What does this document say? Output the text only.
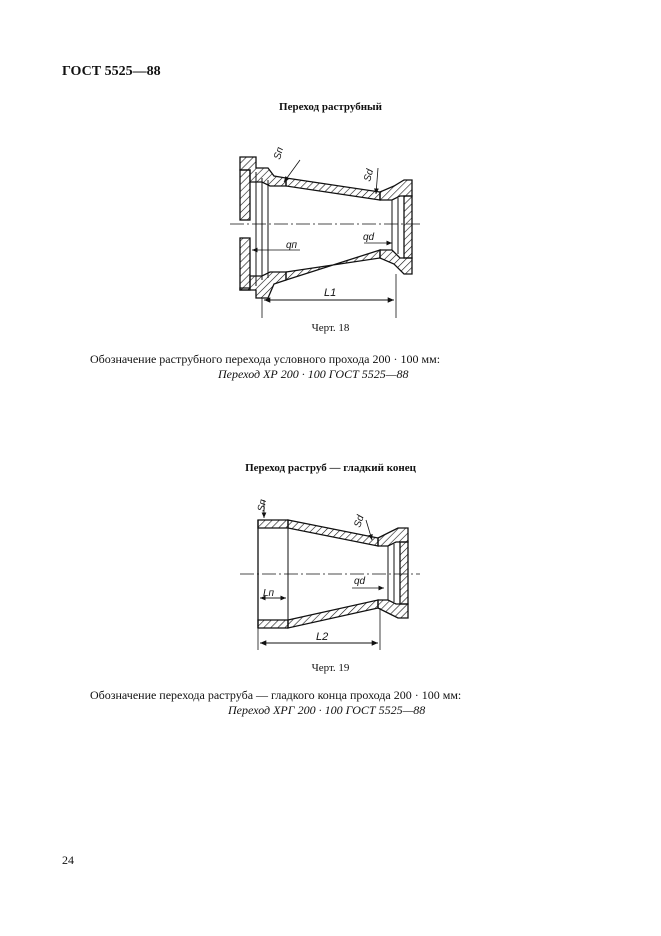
ГОСТ 5525—88
Переход раструбный
Sп
Sd
qп
qd
L1
Sп
Sd
Lп
qd
L2
Черт. 18
Обозначение раструбного перехода условного прохода 200 · 100 мм:
Переход ХР 200 · 100 ГОСТ 5525—88
Переход раструб — гладкий конец
Черт. 19
Обозначение перехода раструба — гладкого конца прохода 200 · 100 мм:
Переход ХРГ 200 · 100 ГОСТ 5525—88
24
